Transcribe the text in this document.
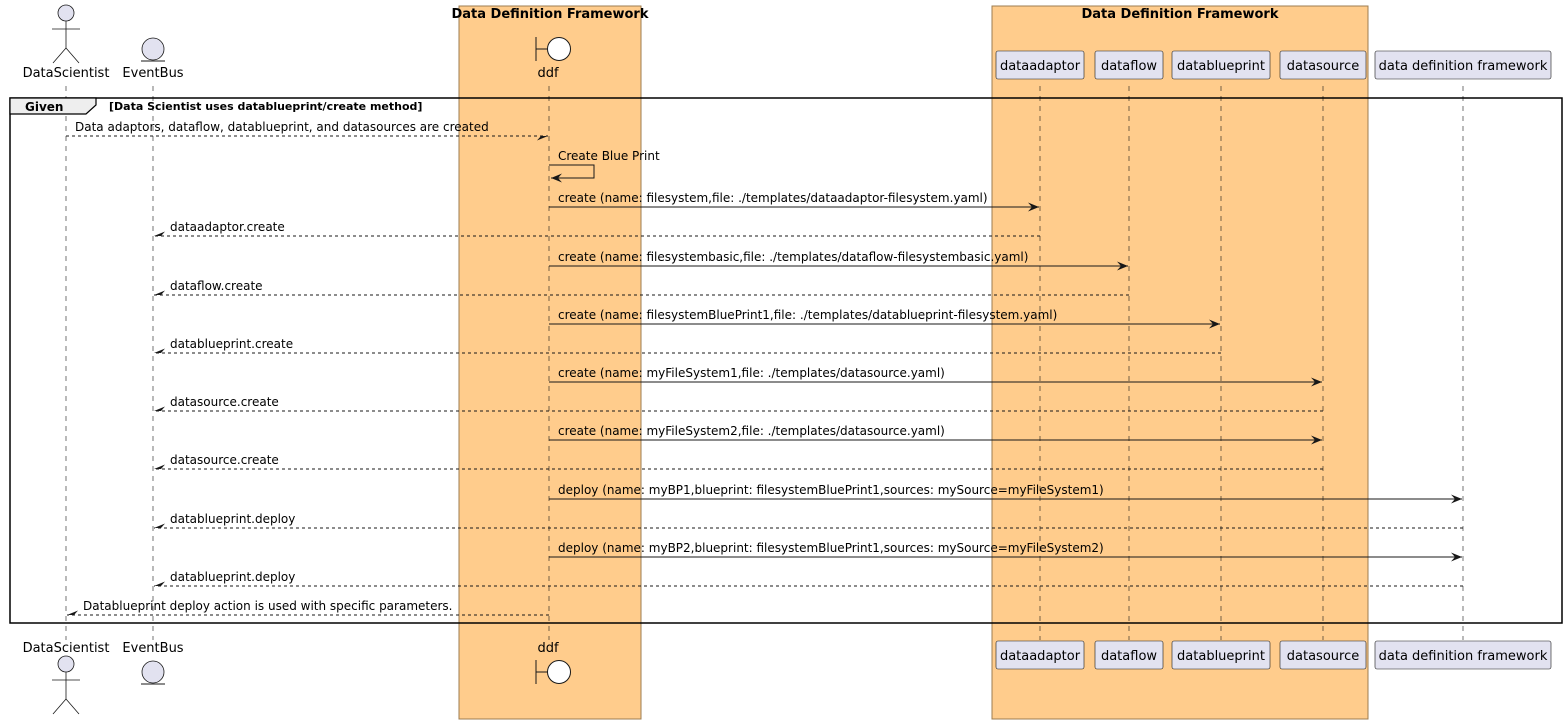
Data Definition Framework	Data Definition Framework
Given	[Data Scientist uses datablueprint/create method]
DataScientist
DataScientist
EventBus
EventBus
ddf
ddf
dataadaptor
dataadaptor
dataflow
dataflow
datablueprint
datablueprint
datasource
datasource
data definition framework
data definition framework
Data adaptors, dataflow, datablueprint, and datasources are created
Create Blue Print
create (name: filesystem,file: ./templates/dataadaptor-filesystem.yaml)
dataadaptor.create
create (name: filesystembasic,file: ./templates/dataflow-filesystembasic.yaml)
dataflow.create
create (name: filesystemBluePrint1,file: ./templates/datablueprint-filesystem.yaml)
datablueprint.create
create (name: myFileSystem1,file: ./templates/datasource.yaml)
datasource.create
create (name: myFileSystem2,file: ./templates/datasource.yaml)
datasource.create
deploy (name: myBP1,blueprint: filesystemBluePrint1,sources: mySource=myFileSystem1)
datablueprint.deploy
deploy (name: myBP2,blueprint: filesystemBluePrint1,sources: mySource=myFileSystem2)
datablueprint.deploy
Datablueprint deploy action is used with specific parameters.
